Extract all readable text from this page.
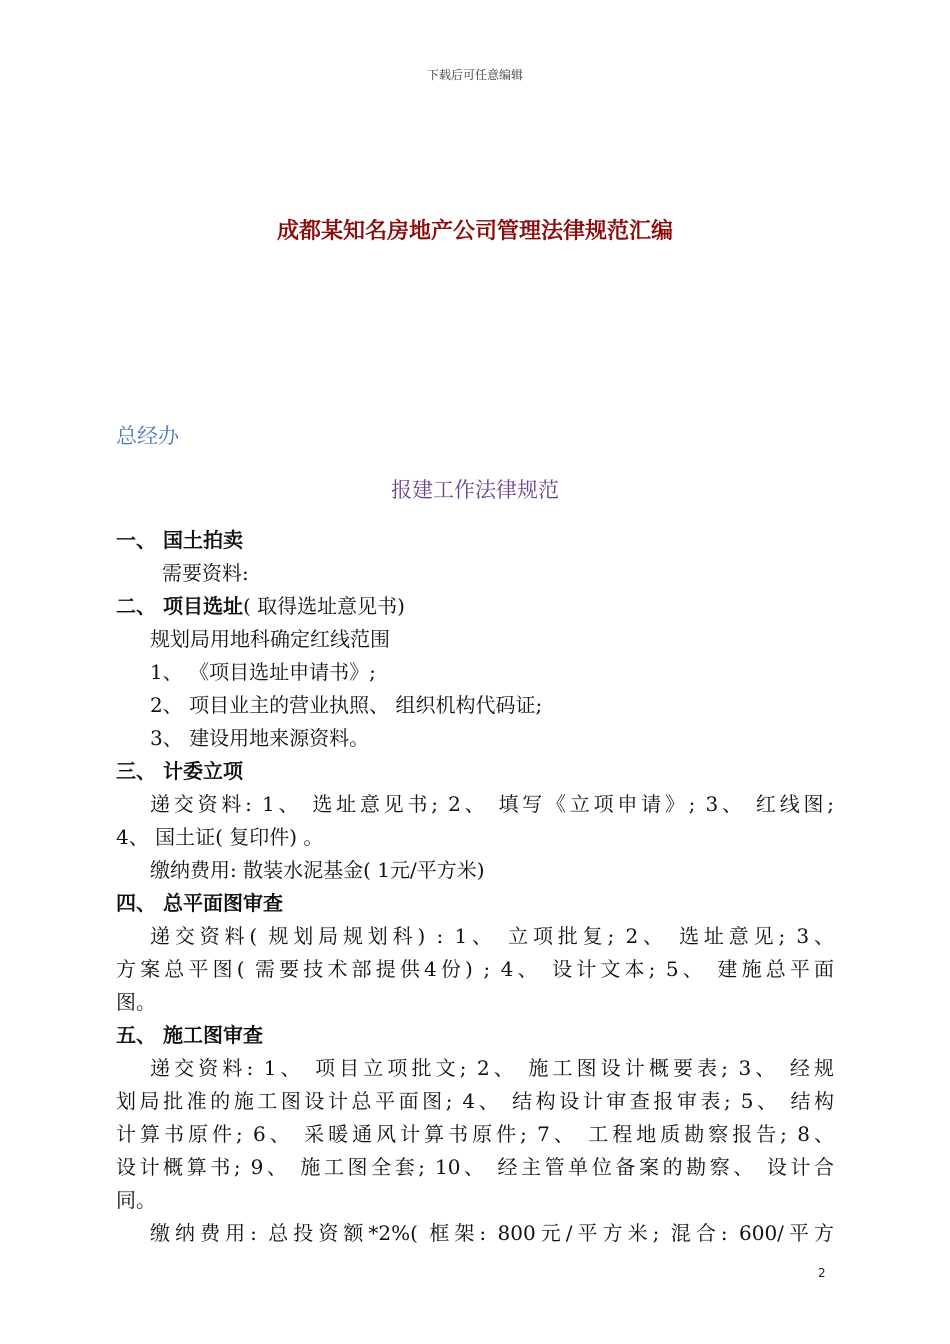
下载后可任意编辑
成都某知名房地产公司管理法律规范汇编
总经办
报建工作法律规范
一、 国土拍卖
需要资料:
二、 项目选址( 取得选址意见书)
规划局用地科确定红线范围
1、 《项目选址申请书》;
2、 项目业主的营业执照、 组织机构代码证;
3、 建设用地来源资料。
三、 计委立项
递交资料: 1、 选址意见书; 2、 填写《立项申请》; 3、 红线图;
4、 国土证( 复印件) 。
缴纳费用: 散装水泥基金( 1元/平方米)
四、 总平面图审查
递交资料( 规划局规划科) : 1、 立项批复; 2、 选址意见; 3、
方案总平图( 需要技术部提供4份) ; 4、 设计文本; 5、 建施总平面
图。
五、 施工图审查
递交资料: 1、 项目立项批文; 2、 施工图设计概要表; 3、 经规
划局批准的施工图设计总平面图; 4、 结构设计审查报审表; 5、 结构
计算书原件; 6、 采暖通风计算书原件; 7、 工程地质勘察报告; 8、
设计概算书; 9、 施工图全套; 10、 经主管单位备案的勘察、 设计合
同。
缴纳费用: 总投资额*2%( 框架: 800元/平方米; 混合: 600/平方
2
